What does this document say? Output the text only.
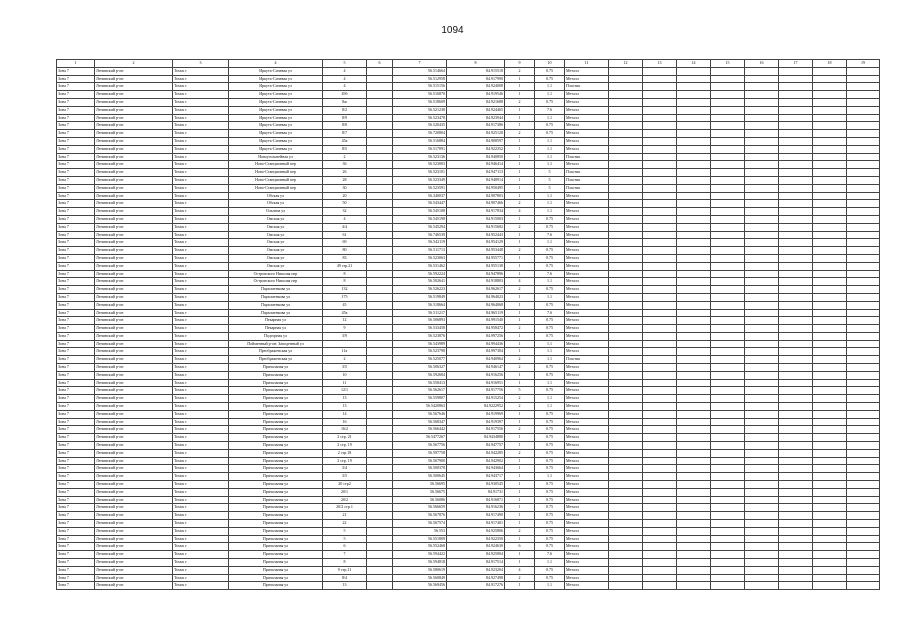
1094
1	2	3	4	5	6	7	8	9	10	11	12	13	14	15	16	17	18	19
Зона 7	Ленинский р-он	Томск г	Иркута-Сичевая ул	4		56.514664	84.915518	2	0.75	Металл								
Зона 7	Ленинский р-он	Томск г	Иркута-Сичевая ул	4		56.512958	84.917990	1	0.75	Металл								
Зона 7	Ленинский р-он	Томск г	Иркута-Сичевая ул	4		56.515156	84.924008	1	1.1	Пластик								
Зона 7	Ленинский р-он	Томск г	Иркута-Сичевая ул	49б		56.516870	84.919546	1	1.1	Металл								
Зона 7	Ленинский р-он	Томск г	Иркута-Сичевая ул	8ж		56.518609	84.921688	2	0.75	Металл								
Зона 7	Ленинский р-он	Томск г	Иркута-Сичевая ул	8/2		56.521238	84.924465	1	7.6	Металл								
Зона 7	Ленинский р-он	Томск г	Иркута-Сичевая ул	8/9		56.523478	84.923944	1	1.1	Металл								
Зона 7	Ленинский р-он	Томск г	Иркута-Сичевая ул	8/8		56.520435	84.917386	1	0.75	Металл								
Зона 7	Ленинский р-он	Томск г	Иркута-Сичевая ул	8/7		56.720804	84.925120	2	0.75	Металл								
Зона 7	Ленинский р-он	Томск г	Иркута-Сичевая ул	45а		56.516884	84.908597	1	1.1	Металл								
Зона 7	Ленинский р-он	Томск г	Иркута-Сичевая ул	8/5		56.517091	84.922352	1	1.1	Металл								
Зона 7	Ленинский р-он	Томск г	Новоугольнейная ул	2		56.523136	84.940850	1	1.1	Пластик								
Зона 7	Ленинский р-он	Томск г	Ново-Станционный пер	36		56.523003	84.946414	1	1.1	Металл								
Зона 7	Ленинский р-он	Томск г	Ново-Станционный пер	26		56.523101	84.947113	1	5	Пластик								
Зона 7	Ленинский р-он	Томск г	Ново-Станционный пер	28		56.523349	84.948914	1	5	Пластик								
Зона 7	Ленинский р-он	Томск г	Ново-Станционный пер	30		56.523591	84.950495	1	5	Пластик								
Зона 7	Ленинский р-он	Томск г	Обская ул	20		56.340037	84.907803	1	1.1	Металл								
Зона 7	Ленинский р-он	Томск г	Обская ул	50		56.543447	84.907466	2	1.1	Металл								
Зона 7	Ленинский р-он	Томск г	Ольгина ул	32		56.545108	84.917834	4	1.1	Металл								
Зона 7	Ленинский р-он	Томск г	Омская ул	4		56.545198	84.915003	1	0.75	Металл								
Зона 7	Ленинский р-он	Томск г	Омская ул	4/4		56.545294	84.915682	2	0.75	Металл								
Зона 7	Ленинский р-он	Томск г	Омская ул	61		56.746539	84.952443	1	7.6	Металл								
Зона 7	Ленинский р-он	Томск г	Омская ул	69		56.542119	84.954129	1	1.1	Металл								
Зона 7	Ленинский р-он	Томск г	Омская ул	80		56.511713	84.953448	2	0.75	Металл								
Зона 7	Ленинский р-он	Томск г	Омская ул	83		56.523063	84.955771	1	0.75	Металл								
Зона 7	Ленинский р-он	Томск г	Омская ул	49 стр.21		56.531462	84.955138	1	0.75	Металл								
Зона 7	Ленинский р-он	Томск г	Островского Николая пер	8		56.592224	84.947896	1	7.6	Металл								
Зона 7	Ленинский р-он	Томск г	Островского Николая пер	8		56.502641	84.918803	4	1.1	Металл								
Зона 7	Ленинский р-он	Томск г	Пархоменкова ул	132		56.526223	84.962617	2	0.75	Металл								
Зона 7	Ленинский р-он	Томск г	Пархоменкова ул	175		56.519849	84.964023	1	1.1	Металл								
Зона 7	Ленинский р-он	Томск г	Пархоменкова ул	45		56.518664	84.964068	1	0.75	Металл								
Зона 7	Ленинский р-он	Томск г	Пархоменкова ул	45а		56.511217	84.965119	1	7.6	Металл								
Зона 7	Ленинский р-он	Томск г	Пекарная ул	12		56.506893	84.991540	1	0.75	Металл								
Зона 7	Ленинский р-он	Томск г	Пекарная ул	9		56.533458	84.958472	2	0.75	Металл								
Зона 7	Ленинский р-он	Томск г	Подгорная ул	3/9		56.523876	84.997256	1	0.75	Металл								
Зона 7	Ленинский р-он	Томск г	Пойменный р-он: Заподенный ул			56.543989	84.994436	1	1.1	Металл								
Зона 7	Ленинский р-он	Томск г	Преображенская ул	11а		56.523798	84.997304	1	1.1	Металл								
Зона 7	Ленинский р-он	Томск г	Преображенская ул	2		56.525077	84.940964	2	1.1	Пластик								
Зона 7	Ленинский р-он	Томск г	Причальная ул	3/5		56.506327	84.946147	2	0.75	Металл								
Зона 7	Ленинский р-он	Томск г	Причальная ул	10		56.592684	84.916256	1	0.75	Металл								
Зона 7	Ленинский р-он	Томск г	Причальная ул	11		56.558413	84.916951	1	1.1	Металл								
Зона 7	Ленинский р-он	Томск г	Причальная ул	12/1		56.562617	84.917756	5	0.75	Металл								
Зона 7	Ленинский р-он	Томск г	Причальная ул	13		56.559807	84.915254	2	1.1	Металл								
Зона 7	Ленинский р-он	Томск г	Причальная ул	13		56.5420863	84.9222952	2	1.1	Металл								
Зона 7	Ленинский р-он	Томск г	Причальная ул	14		56.567646	84.919969	1	0.75	Металл								
Зона 7	Ленинский р-он	Томск г	Причальная ул	16		56.568347	84.919397	1	0.75	Металл								
Зона 7	Ленинский р-он	Томск г	Причальная ул	16/2		56.566442	84.917556	2	0.75	Металл								
Зона 7	Ленинский р-он	Томск г	Причальная ул	2 стр. 21		56.5477267	84.9434880	1	0.75	Металл								
Зона 7	Ленинский р-он	Томск г	Причальная ул	2 стр. 19		56.567756	84.947757	1	0.75	Металл								
Зона 7	Ленинский р-он	Томск г	Причальная ул	2 стр.18		56.597758	84.942285	2	0.75	Металл								
Зона 7	Ленинский р-он	Томск г	Причальная ул	2 стр. 19		56.567900	84.942902	1	0.75	Металл								
Зона 7	Ленинский р-он	Томск г	Причальная ул	3/4		56.500378	84.943664	1	0.75	Металл								
Зона 7	Ленинский р-он	Томск г	Причальная ул	3/5		56.500645	84.943717	1	1.1	Металл								
Зона 7	Ленинский р-он	Томск г	Причальная ул	20 стр2		56.56695	84.930545	1	0.75	Металл								
Зона 7	Ленинский р-он	Томск г	Причальная ул	20/1		56.56675	84.91731	1	0.75	Металл								
Зона 7	Ленинский р-он	Томск г	Причальная ул	20/2		56.56086	84.916871	1	0.75	Металл								
Зона 7	Ленинский р-он	Томск г	Причальная ул	20/2 стр.1		56.566659	84.916236	1	0.75	Металл								
Зона 7	Ленинский р-он	Томск г	Причальная ул	21		56.567876	84.917490	1	0.75	Металл								
Зона 7	Ленинский р-он	Томск г	Причальная ул	22		56.567574	84.917401	1	0.75	Металл								
Зона 7	Ленинский р-он	Томск г	Причальная ул	5		56.553	84.925806	2	0.75	Металл								
Зона 7	Ленинский р-он	Томск г	Причальная ул	5		56.551809	84.922350	1	0.75	Металл								
Зона 7	Ленинский р-он	Томск г	Причальная ул	6		56.552468	84.924630	6	0.75	Металл								
Зона 7	Ленинский р-он	Томск г	Причальная ул	7		56.594422	84.925804	1	7.6	Металл								
Зона 7	Ленинский р-он	Томск г	Причальная ул	8		56.594818	84.917514	1	1.1	Металл								
Зона 7	Ленинский р-он	Томск г	Причальная ул	9 стр.11		56.580619	84.923204	4	0.75	Металл								
Зона 7	Ленинский р-он	Томск г	Причальная ул	8/4		56.560849	84.927498	2	0.75	Металл								
Зона 7	Ленинский р-он	Томск г	Причальная ул	13		56.569456	84.917276	1	1.1	Металл								
